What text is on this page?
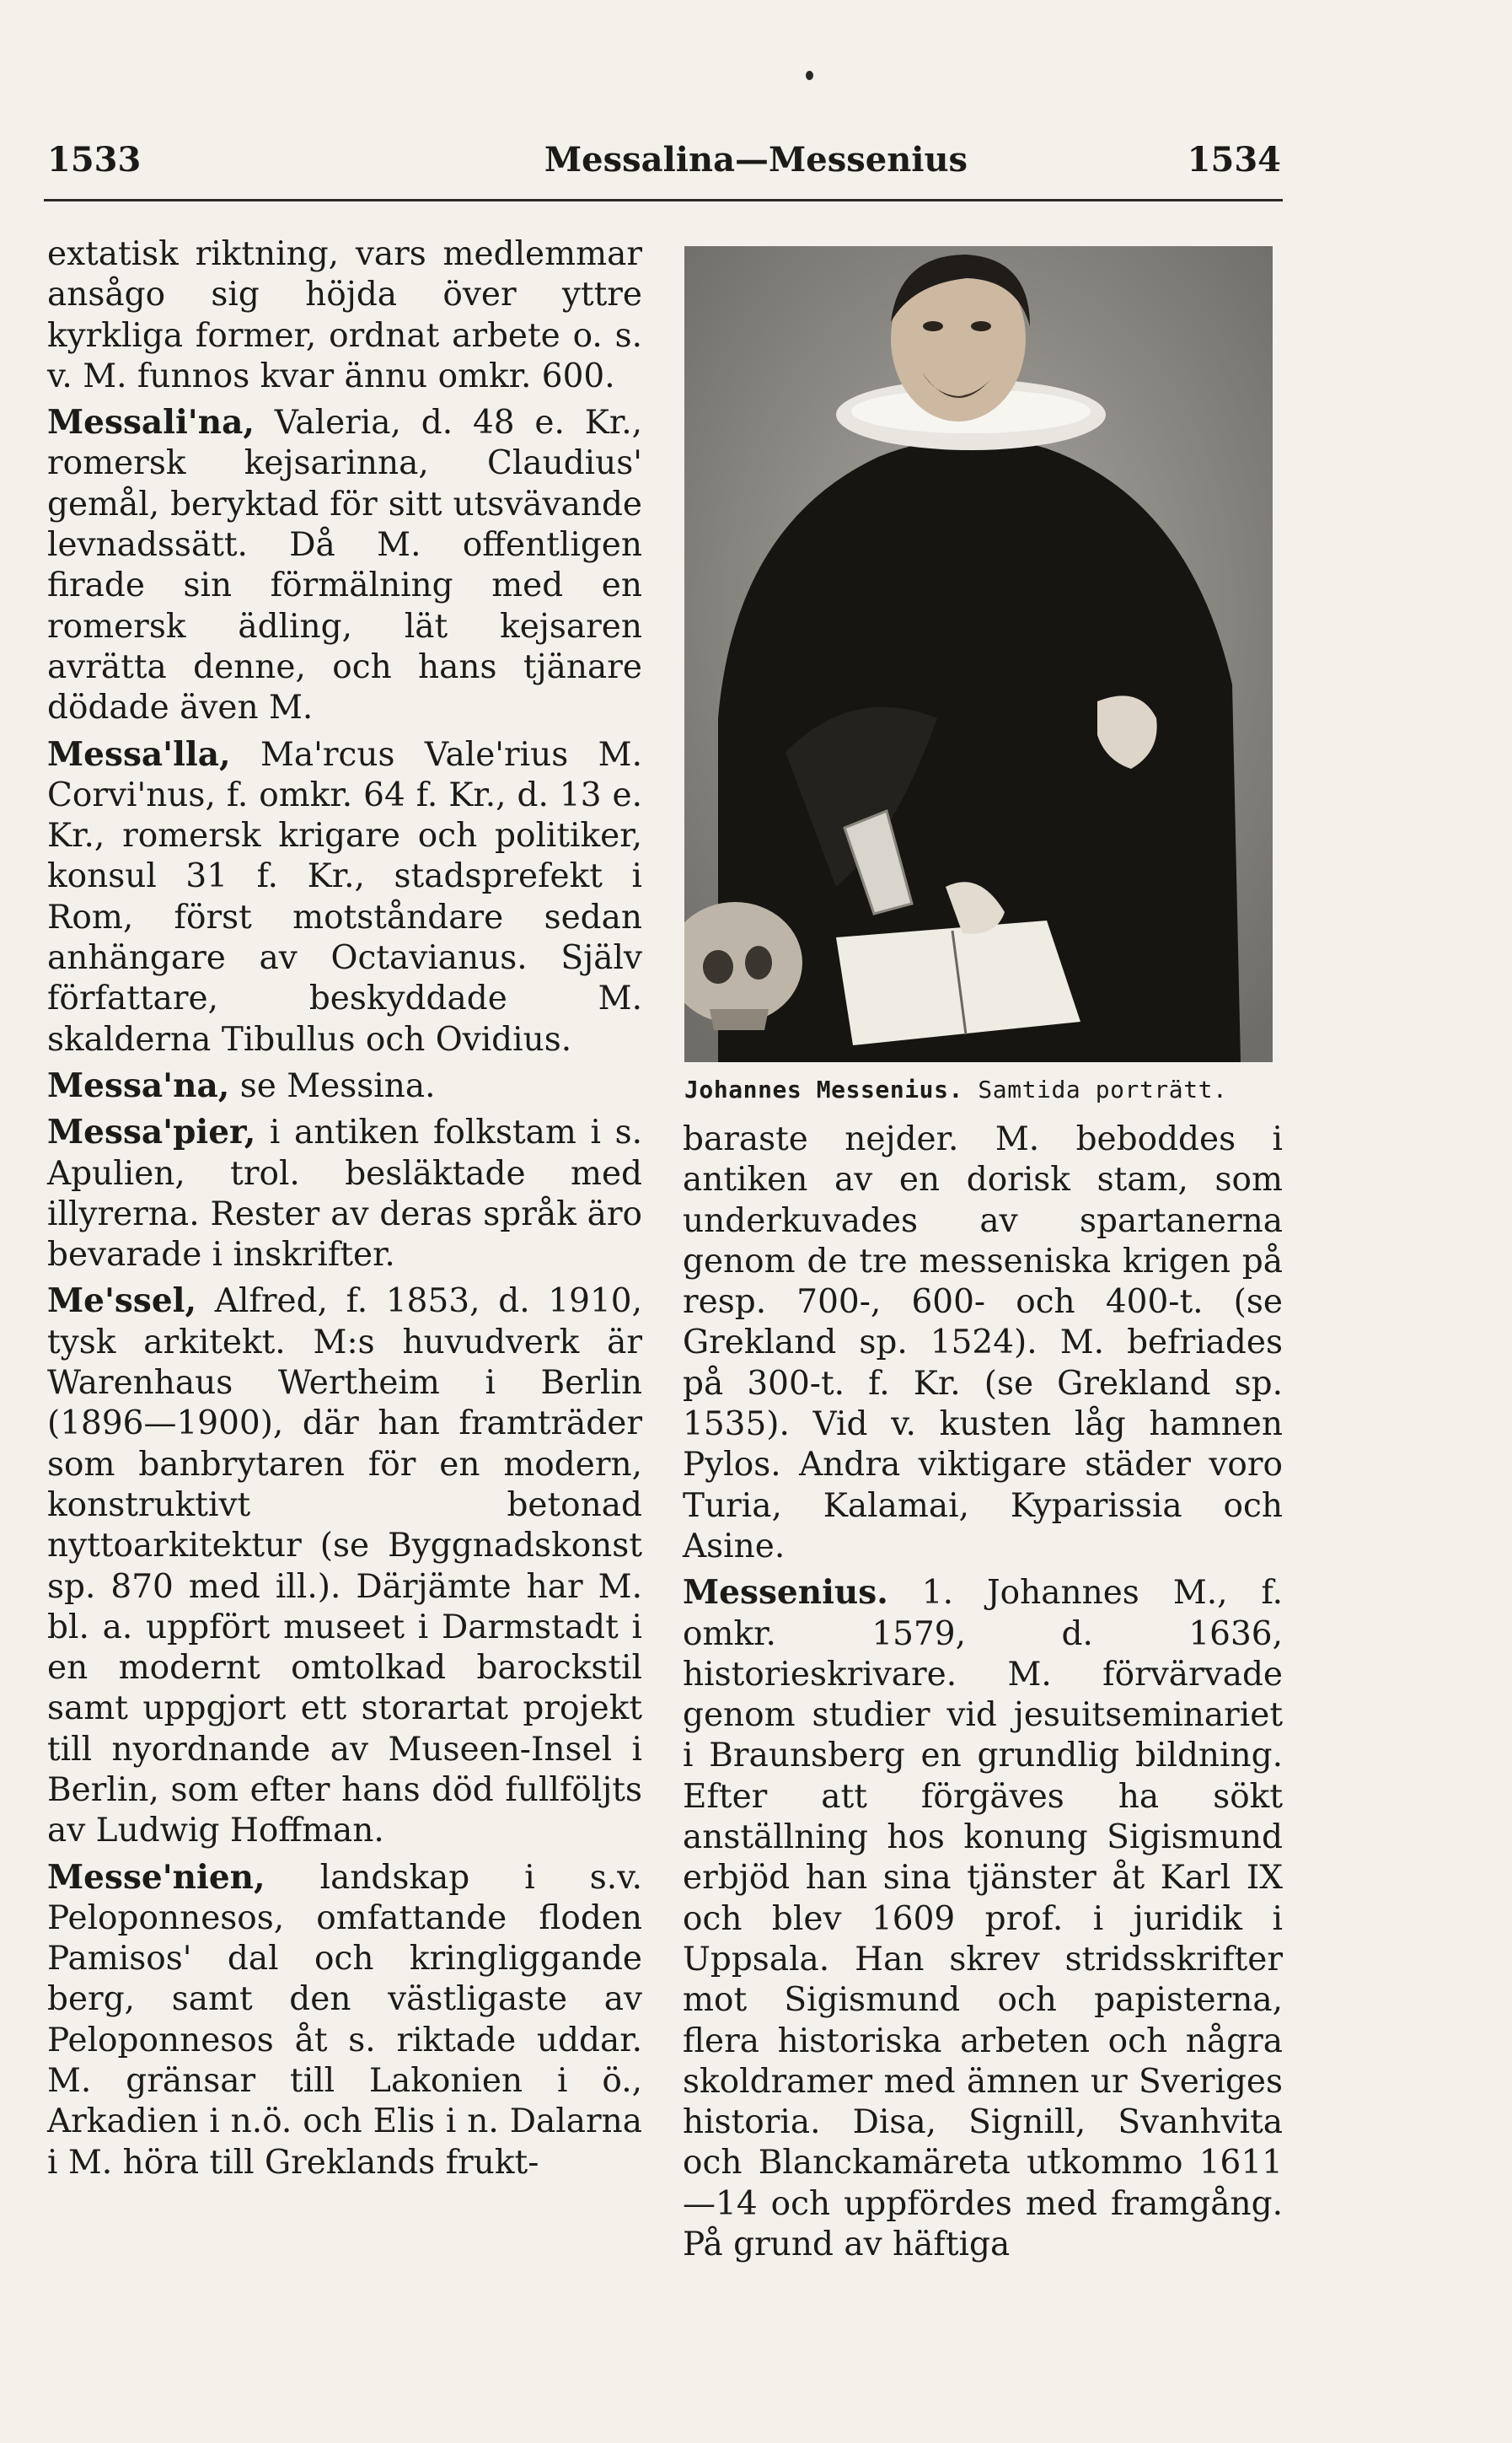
1533	Messalina—Messenius	1534

extatisk riktning, vars medlemmar ansågo sig höjda över yttre kyrkliga former, ordnat arbete o. s. v. M. funnos kvar ännu omkr. 600.

Messali'na, Valeria, d. 48 e. Kr., romersk kejsarinna, Claudius' gemål, beryktad för sitt utsvävande levnadssätt. Då M. offentligen firade sin förmälning med en romersk ädling, lät kejsaren avrätta denne, och hans tjänare dödade även M.

Messa'lla, Ma'rcus Vale'rius M. Corvi'nus, f. omkr. 64 f. Kr., d. 13 e. Kr., romersk krigare och politiker, konsul 31 f. Kr., stadsprefekt i Rom, först motståndare sedan anhängare av Octavianus. Själv författare, beskyddade M. skalderna Tibullus och Ovidius.

Messa'na, se Messina.

Messa'pier, i antiken folkstam i s. Apulien, trol. besläktade med illyrerna. Rester av deras språk äro bevarade i inskrifter.

Me'ssel, Alfred, f. 1853, d. 1910, tysk arkitekt. M:s huvudverk är Warenhaus Wertheim i Berlin (1896—1900), där han framträder som banbrytaren för en modern, konstruktivt betonad nyttoarkitektur (se Byggnadskonst sp. 870 med ill.). Därjämte har M. bl. a. uppfört museet i Darmstadt i en modernt omtolkad barockstil samt uppgjort ett storartat projekt till nyordnande av Museen-Insel i Berlin, som efter hans död fullföljts av Ludwig Hoffman.

Messe'nien, landskap i s.v. Peloponnesos, omfattande floden Pamisos' dal och kringliggande berg, samt den västligaste av Peloponnesos åt s. riktade uddar. M. gränsar till Lakonien i ö., Arkadien i n.ö. och Elis i n. Dalarna i M. höra till Greklands frukt-

Johannes Messenius. Samtida porträtt.

baraste nejder. M. beboddes i antiken av en dorisk stam, som underkuvades av spartanerna genom de tre messeniska krigen på resp. 700-, 600- och 400-t. (se Grekland sp. 1524). M. befriades på 300-t. f. Kr. (se Grekland sp. 1535). Vid v. kusten låg hamnen Pylos. Andra viktigare städer voro Turia, Kalamai, Kyparissia och Asine.

Messenius. 1. Johannes M., f. omkr. 1579, d. 1636, historieskrivare. M. förvärvade genom studier vid jesuitseminariet i Braunsberg en grundlig bildning. Efter att förgäves ha sökt anställning hos konung Sigismund erbjöd han sina tjänster åt Karl IX och blev 1609 prof. i juridik i Uppsala. Han skrev stridsskrifter mot Sigismund och papisterna, flera historiska arbeten och några skoldramer med ämnen ur Sveriges historia. Disa, Signill, Svanhvita och Blanckamäreta utkommo 1611—14 och uppfördes med framgång. På grund av häftiga
